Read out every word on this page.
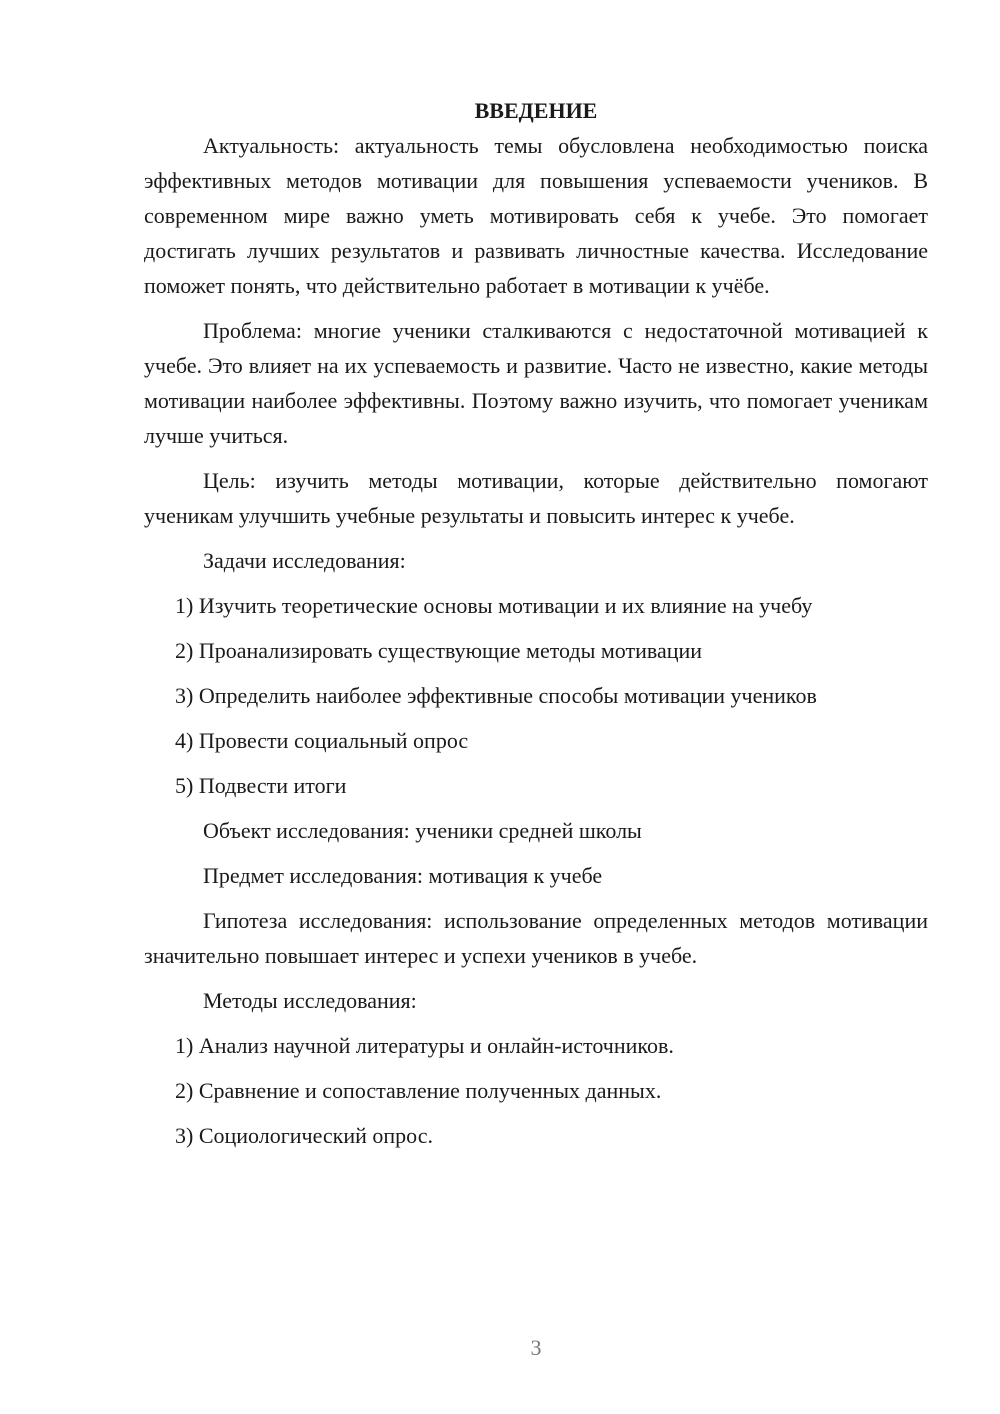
ВВЕДЕНИЕ

Актуальность: актуальность темы обусловлена необходимостью поиска эффективных методов мотивации для повышения успеваемости учеников. В современном мире важно уметь мотивировать себя к учебе. Это помогает достигать лучших результатов и развивать личностные качества. Исследование поможет понять, что действительно работает в мотивации к учёбе.

Проблема: многие ученики сталкиваются с недостаточной мотивацией к учебе. Это влияет на их успеваемость и развитие. Часто не известно, какие методы мотивации наиболее эффективны. Поэтому важно изучить, что помогает ученикам лучше учиться.

Цель: изучить методы мотивации, которые действительно помогают ученикам улучшить учебные результаты и повысить интерес к учебе.

Задачи исследования:

1) Изучить теоретические основы мотивации и их влияние на учебу

2) Проанализировать существующие методы мотивации

3) Определить наиболее эффективные способы мотивации учеников

4) Провести социальный опрос

5) Подвести итоги

Объект исследования: ученики средней школы

Предмет исследования: мотивация к учебе

Гипотеза исследования: использование определенных методов мотивации значительно повышает интерес и успехи учеников в учебе.

Методы исследования:

1) Анализ научной литературы и онлайн-источников.

2) Сравнение и сопоставление полученных данных.

3) Социологический опрос.

3
